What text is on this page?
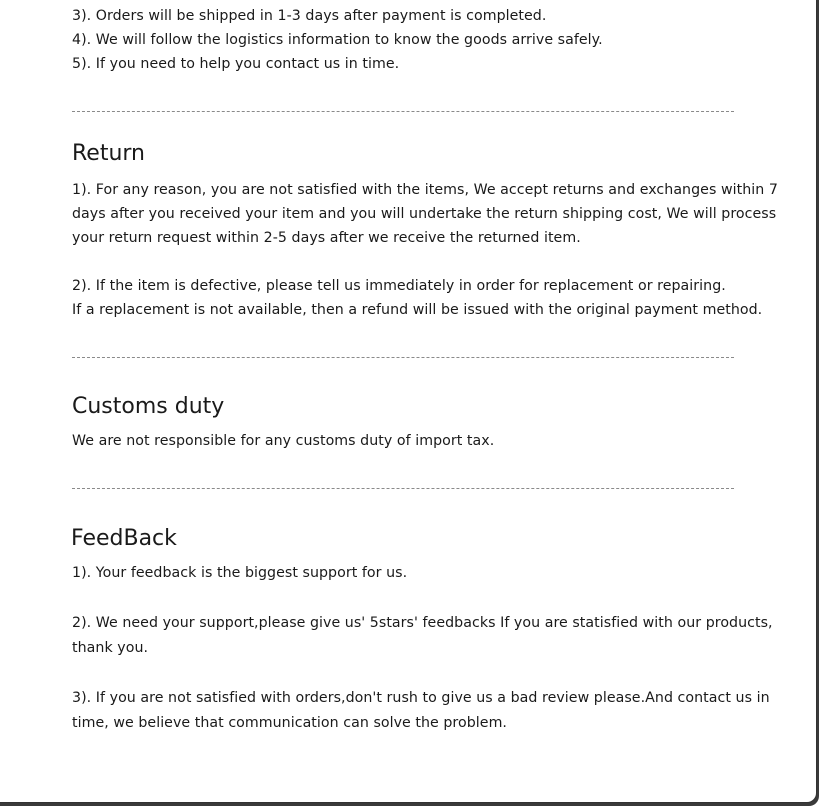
3). Orders will be shipped in 1-3 days after payment is completed.
4). We will follow the logistics information to know the goods arrive safely.
5). If you need to help you contact us in time.
Return
1). For any reason, you are not satisfied with the items, We accept returns and exchanges within 7
days after you received your item and you will undertake the return shipping cost, We will process
your return request within 2-5 days after we receive the returned item.
2). If the item is defective, please tell us immediately in order for replacement or repairing.
If a replacement is not available, then a refund will be issued with the original payment method.
Customs duty
We are not responsible for any customs duty of import tax.
FeedBack
1). Your feedback is the biggest support for us.
2). We need your support,please give us' 5stars' feedbacks If you are statisfied with our products,
thank you.
3). If you are not satisfied with orders,don't rush to give us a bad review please.And contact us in
time, we believe that communication can solve the problem.
